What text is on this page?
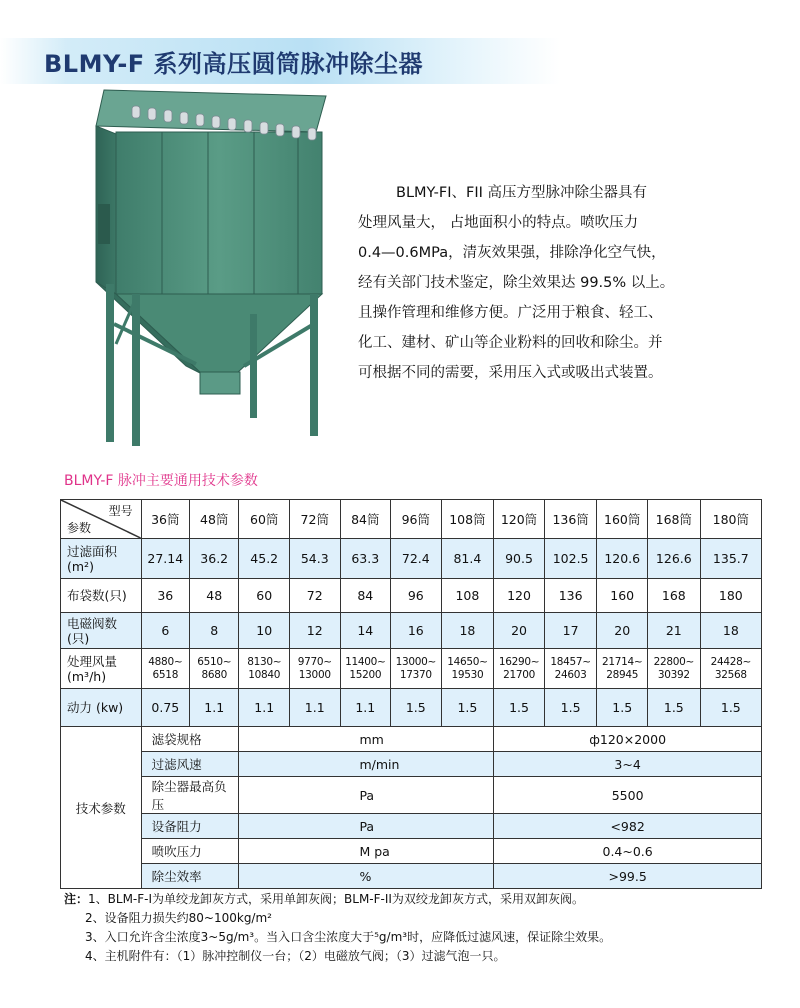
BLMY-F 系列高压圆筒脉冲除尘器

BLMY-FI、FII 高压方型脉冲除尘器具有

处理风量大， 占地面积小的特点。喷吹压力

0.4—0.6MPa，清灰效果强，排除净化空气快，

经有关部门技术鉴定，除尘效果达 99.5% 以上。

且操作管理和维修方便。广泛用于粮食、轻工、

化工、建材、矿山等企业粉料的回收和除尘。并

可根据不同的需要，采用压入式或吸出式装置。

BLMY-F 脉冲主要通用技术参数
型号
参数	36筒	48筒	60筒	72筒	84筒	96筒	108筒	120筒	136筒	160筒	168筒	180筒
过滤面积
(m²)	27.14	36.2	45.2	54.3	63.3	72.4	81.4	90.5	102.5	120.6	126.6	135.7
布袋数(只)	36	48	60	72	84	96	108	120	136	160	168	180
电磁阀数
(只)	6	8	10	12	14	16	18	20	17	20	21	18
处理风量
(m³/h)	4880~
6518	6510~
8680	8130~
10840	9770~
13000	11400~
15200	13000~
17370	14650~
19530	16290~
21700	18457~
24603	21714~
28945	22800~
30392	24428~
32568
动力 (kw)	0.75	1.1	1.1	1.1	1.1	1.5	1.5	1.5	1.5	1.5	1.5	1.5
技术参数	滤袋规格		mm					ф120×2000				
	过滤风速		m/min					3~4				
	除尘器最高负压		Pa					5500				
	设备阻力		Pa					<982				
	喷吹压力		M pa					0.4~0.6				
	除尘效率		%					>99.5				

注：1、BLM-F-I为单绞龙卸灰方式，采用单卸灰阀；BLM-F-II为双绞龙卸灰方式，采用双卸灰阀。

2、设备阻力损失约80~100kg/m²

3、入口允许含尘浓度3~5g/m³。当入口含尘浓度大于⁵g/m³时，应降低过滤风速，保证除尘效果。

4、主机附件有：（1）脉冲控制仪一台；（2）电磁放气阀；（3）过滤气泡一只。
